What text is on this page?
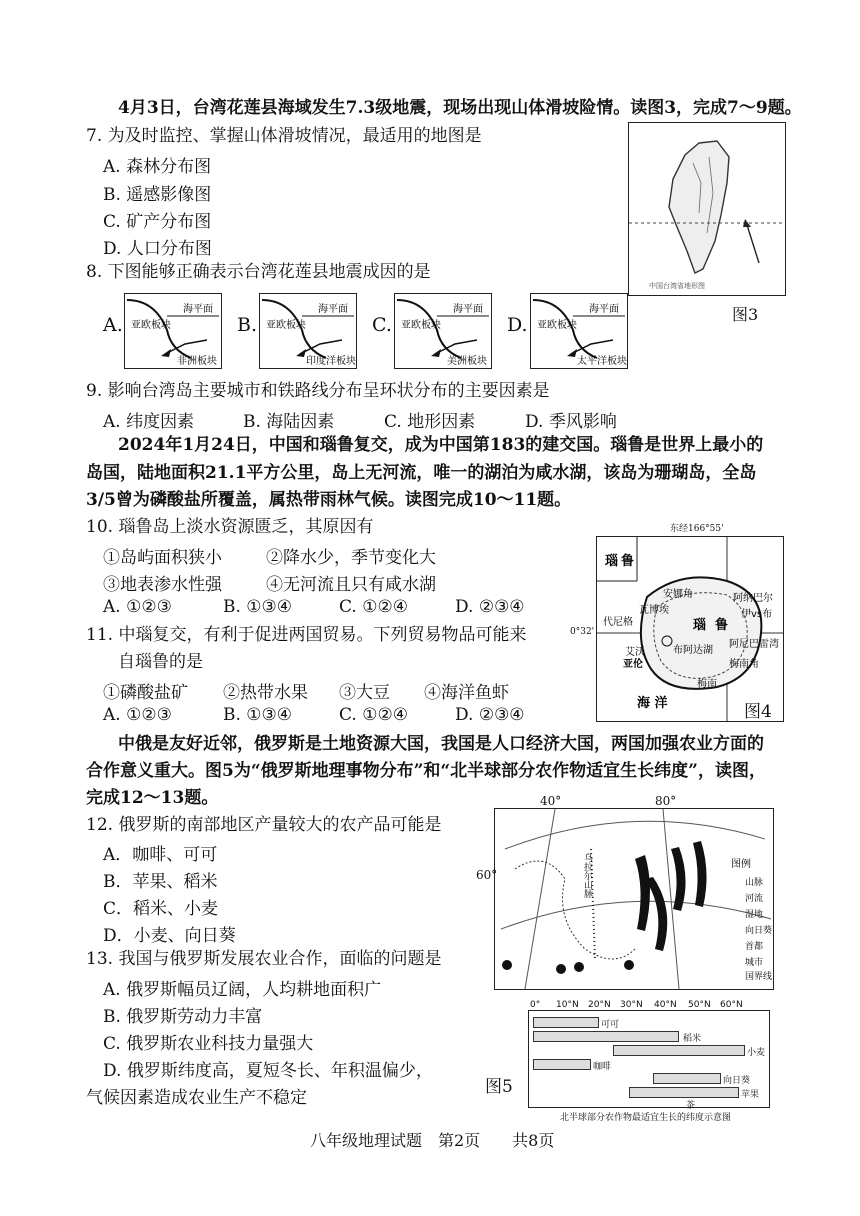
4月3日，台湾花莲县海域发生7.3级地震，现场出现山体滑坡险情。读图3，完成7～9题。
7. 为及时监控、掌握山体滑坡情况，最适用的地图是
A. 森林分布图
B. 遥感影像图
C. 矿产分布图
D. 人口分布图
中国台湾省地形图
图3
8. 下图能够正确表示台湾花莲县地震成因的是
A.	B.	C.	D.
海平面
亚欧板块
非洲板块
海平面
亚欧板块
印度洋板块
海平面
亚欧板块
美洲板块
海平面
亚欧板块
太平洋板块
9. 影响台湾岛主要城市和铁路线分布呈环状分布的主要因素是
A. 纬度因素	B. 海陆因素	C. 地形因素	D. 季风影响
2024年1月24日，中国和瑙鲁复交，成为中国第183的建交国。瑙鲁是世界上最小的
岛国，陆地面积21.1平方公里，岛上无河流，唯一的湖泊为咸水湖，该岛为珊瑚岛，全岛
3/5曾为磷酸盐所覆盖，属热带雨林气候。读图完成10～11题。
10. 瑙鲁岛上淡水资源匮乏，其原因有
①岛屿面积狭小	②降水少，季节变化大
③地表渗水性强	④无河流且只有咸水湖
A. ①②③	B. ①③④	C. ①②④	D. ②③④
瑙 鲁
瑙 鲁
海 洋
安娜角	阿纳巴尔
瓦博埃	伊vs布
代尼格
阿尼巴雷湾
艾沃	布阿达湖
亚伦	梅南角
梅南
东经166°55'
0°32'
图4
11. 中瑙复交，有利于促进两国贸易。下列贸易物品可能来
自瑙鲁的是
①磷酸盐矿 ②热带水果 ③大豆 ④海洋鱼虾
A. ①②③	B. ①③④	C. ①②④	D. ②③④
中俄是友好近邻，俄罗斯是土地资源大国，我国是人口经济大国，两国加强农业方面的
合作意义重大。图5为“俄罗斯地理事物分布”和“北半球部分农作物适宜生长纬度”，读图，
完成12～13题。
12. 俄罗斯的南部地区产量较大的农产品可能是
A．咖啡、可可
B．苹果、稻米
C．稻米、小麦
D．小麦、向日葵
13. 我国与俄罗斯发展农业合作，面临的问题是
A. 俄罗斯幅员辽阔，人均耕地面积广
B. 俄罗斯劳动力丰富
C. 俄罗斯农业科技力量强大
D. 俄罗斯纬度高，夏短冬长、年积温偏少，
气候因素造成农业生产不稳定
乌拉尔山脉	图例
山脉
河流
湿地
向日葵
首都
城市
国界线
40°	80°
60°
可可
稻米
小麦
咖啡
向日葵
苹果
0° 10°N 20°N 30°N 40°N 50°N 60°N
茶
北半球部分农作物最适宜生长的纬度示意图
图5
八年级地理试题　第2页　　共8页
